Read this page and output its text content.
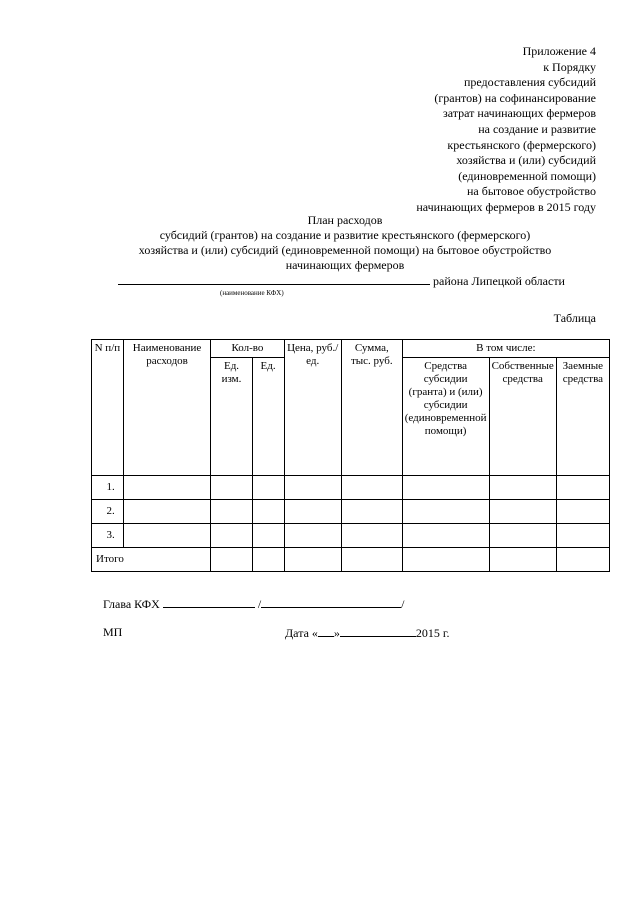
Приложение 4
к Порядку
предоставления субсидий
(грантов) на софинансирование
затрат начинающих фермеров
на создание и развитие
крестьянского (фермерского)
хозяйства и (или) субсидий
(единовременной помощи)
на бытовое обустройство
начинающих фермеров в 2015 году
План расходов
субсидий (грантов) на создание и развитие крестьянского (фермерского)
хозяйства и (или) субсидий (единовременной помощи) на бытовое обустройство
начинающих фермеров
района Липецкой области
(наименование КФХ)
Таблица
N п/п	Наименование расходов	Кол-во		Цена, руб./ед.	Сумма, тыс. руб.	В том числе:		
		Ед. изм.	Ед.			Средства субсидии (гранта) и (или) субсидии (единовременной помощи)	Собственные средства	Заемные средства
1.								
2.								
3.								
Итого								
Глава КФХ	/	/
МП	Дата « »	2015 г.
